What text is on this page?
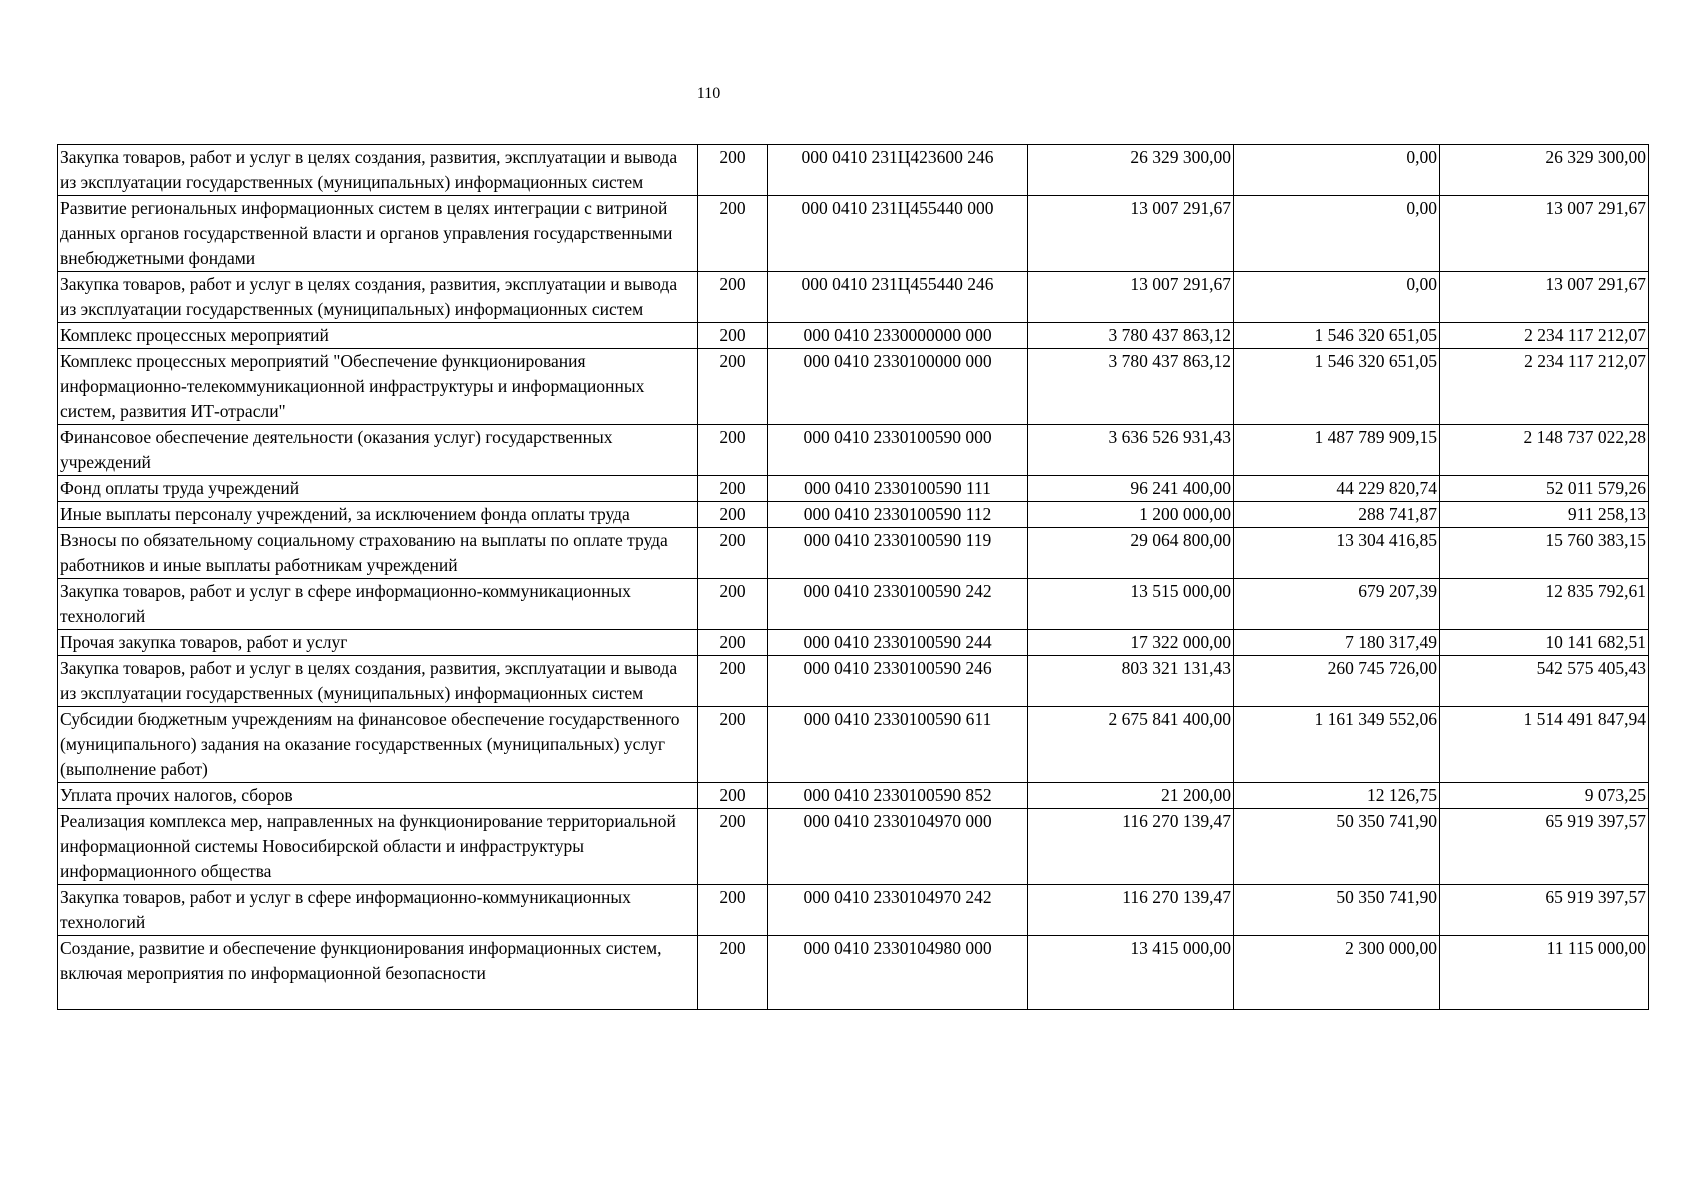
110
Закупка товаров, работ и услуг в целях создания, развития, эксплуатации и вывода из эксплуатации государственных (муниципальных) информационных систем	200	000 0410 231Ц423600 246	26 329 300,00	0,00	26 329 300,00
Развитие региональных информационных систем в целях интеграции с витриной данных органов государственной власти и органов управления государственными внебюджетными фондами	200	000 0410 231Ц455440 000	13 007 291,67	0,00	13 007 291,67
Закупка товаров, работ и услуг в целях создания, развития, эксплуатации и вывода из эксплуатации государственных (муниципальных) информационных систем	200	000 0410 231Ц455440 246	13 007 291,67	0,00	13 007 291,67
Комплекс процессных мероприятий	200	000 0410 2330000000 000	3 780 437 863,12	1 546 320 651,05	2 234 117 212,07
Комплекс процессных мероприятий "Обеспечение функционирования информационно-телекоммуникационной инфраструктуры и информационных систем, развития ИТ-отрасли"	200	000 0410 2330100000 000	3 780 437 863,12	1 546 320 651,05	2 234 117 212,07
Финансовое обеспечение деятельности (оказания услуг) государственных учреждений	200	000 0410 2330100590 000	3 636 526 931,43	1 487 789 909,15	2 148 737 022,28
Фонд оплаты труда учреждений	200	000 0410 2330100590 111	96 241 400,00	44 229 820,74	52 011 579,26
Иные выплаты персоналу учреждений, за исключением фонда оплаты труда	200	000 0410 2330100590 112	1 200 000,00	288 741,87	911 258,13
Взносы по обязательному социальному страхованию на выплаты по оплате труда работников и иные выплаты работникам учреждений	200	000 0410 2330100590 119	29 064 800,00	13 304 416,85	15 760 383,15
Закупка товаров, работ и услуг в сфере информационно-коммуникационных технологий	200	000 0410 2330100590 242	13 515 000,00	679 207,39	12 835 792,61
Прочая закупка товаров, работ и услуг	200	000 0410 2330100590 244	17 322 000,00	7 180 317,49	10 141 682,51
Закупка товаров, работ и услуг в целях создания, развития, эксплуатации и вывода из эксплуатации государственных (муниципальных) информационных систем	200	000 0410 2330100590 246	803 321 131,43	260 745 726,00	542 575 405,43
Субсидии бюджетным учреждениям на финансовое обеспечение государственного (муниципального) задания на оказание государственных (муниципальных) услуг (выполнение работ)	200	000 0410 2330100590 611	2 675 841 400,00	1 161 349 552,06	1 514 491 847,94
Уплата прочих налогов, сборов	200	000 0410 2330100590 852	21 200,00	12 126,75	9 073,25
Реализация комплекса мер, направленных на функционирование территориальной информационной системы Новосибирской области и инфраструктуры информационного общества	200	000 0410 2330104970 000	116 270 139,47	50 350 741,90	65 919 397,57
Закупка товаров, работ и услуг в сфере информационно-коммуникационных технологий	200	000 0410 2330104970 242	116 270 139,47	50 350 741,90	65 919 397,57
Создание, развитие и обеспечение функционирования информационных систем, включая мероприятия по информационной безопасности	200	000 0410 2330104980 000	13 415 000,00	2 300 000,00	11 115 000,00
